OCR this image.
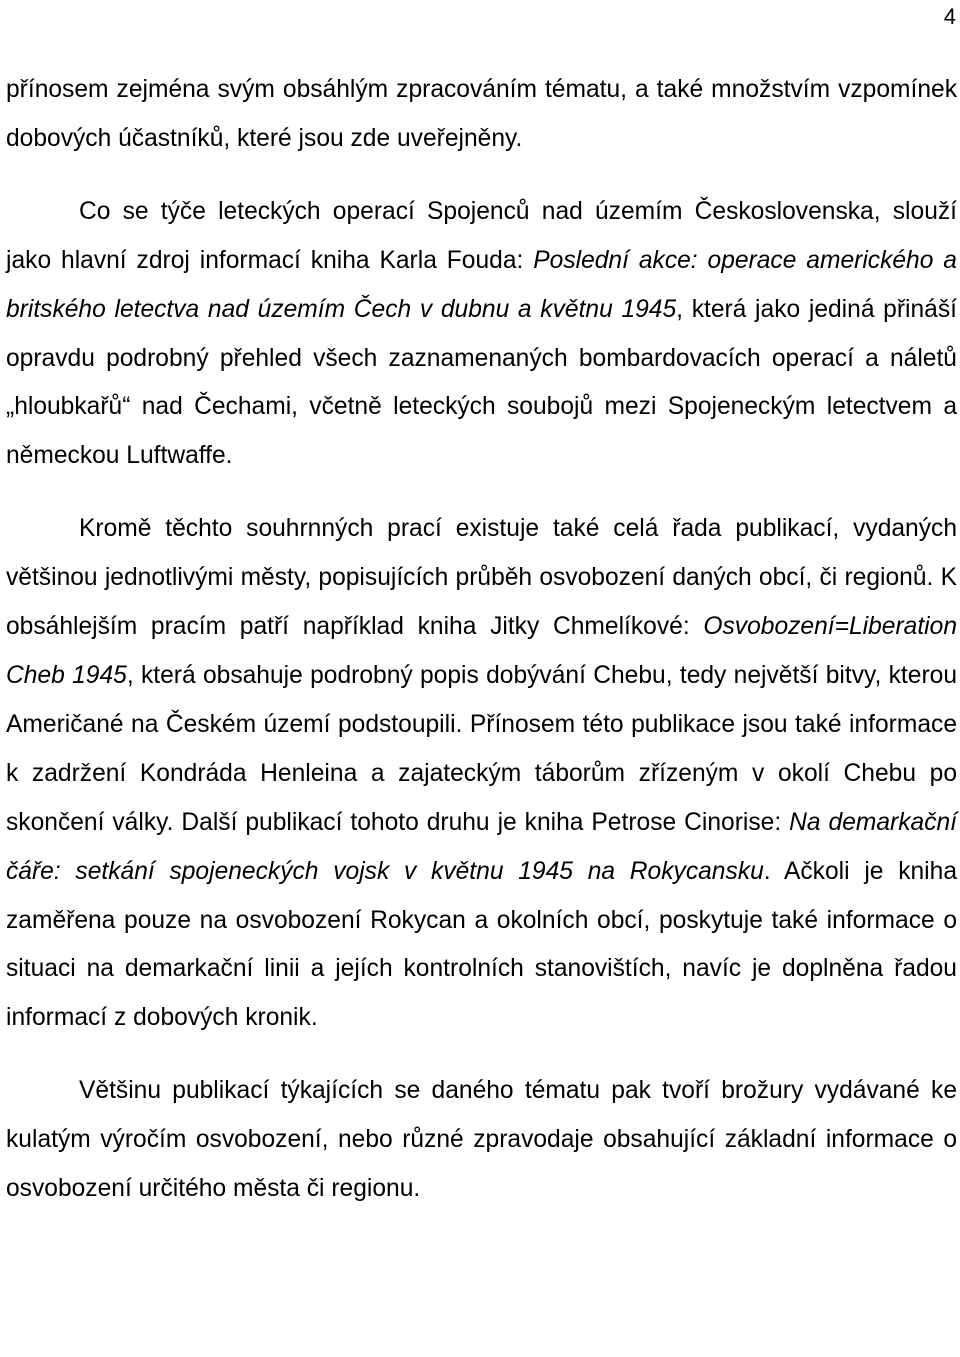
4

přínosem zejména svým obsáhlým zpracováním tématu, a také množstvím vzpomínek dobových účastníků, které jsou zde uveřejněny.

Co se týče leteckých operací Spojenců nad územím Československa, slouží jako hlavní zdroj informací kniha Karla Fouda: Poslední akce: operace amerického a britského letectva nad územím Čech v dubnu a květnu 1945, která jako jediná přináší opravdu podrobný přehled všech zaznamenaných bombardovacích operací a náletů „hloubkařů“ nad Čechami, včetně leteckých soubojů mezi Spojeneckým letectvem a německou Luftwaffe.

Kromě těchto souhrnných prací existuje také celá řada publikací, vydaných většinou jednotlivými městy, popisujících průběh osvobození daných obcí, či regionů. K obsáhlejším pracím patří například kniha Jitky Chmelíkové: Osvobození=Liberation Cheb 1945, která obsahuje podrobný popis dobývání Chebu, tedy největší bitvy, kterou Američané na Českém území podstoupili. Přínosem této publikace jsou také informace k zadržení Kondráda Henleina a zajateckým táborům zřízeným v okolí Chebu po skončení války. Další publikací tohoto druhu je kniha Petrose Cinorise: Na demarkační čáře: setkání spojeneckých vojsk v květnu 1945 na Rokycansku. Ačkoli je kniha zaměřena pouze na osvobození Rokycan a okolních obcí, poskytuje také informace o situaci na demarkační linii a jejích kontrolních stanovištích, navíc je doplněna řadou informací z dobových kronik.

Většinu publikací týkajících se daného tématu pak tvoří brožury vydávané ke kulatým výročím osvobození, nebo různé zpravodaje obsahující základní informace o osvobození určitého města či regionu.
